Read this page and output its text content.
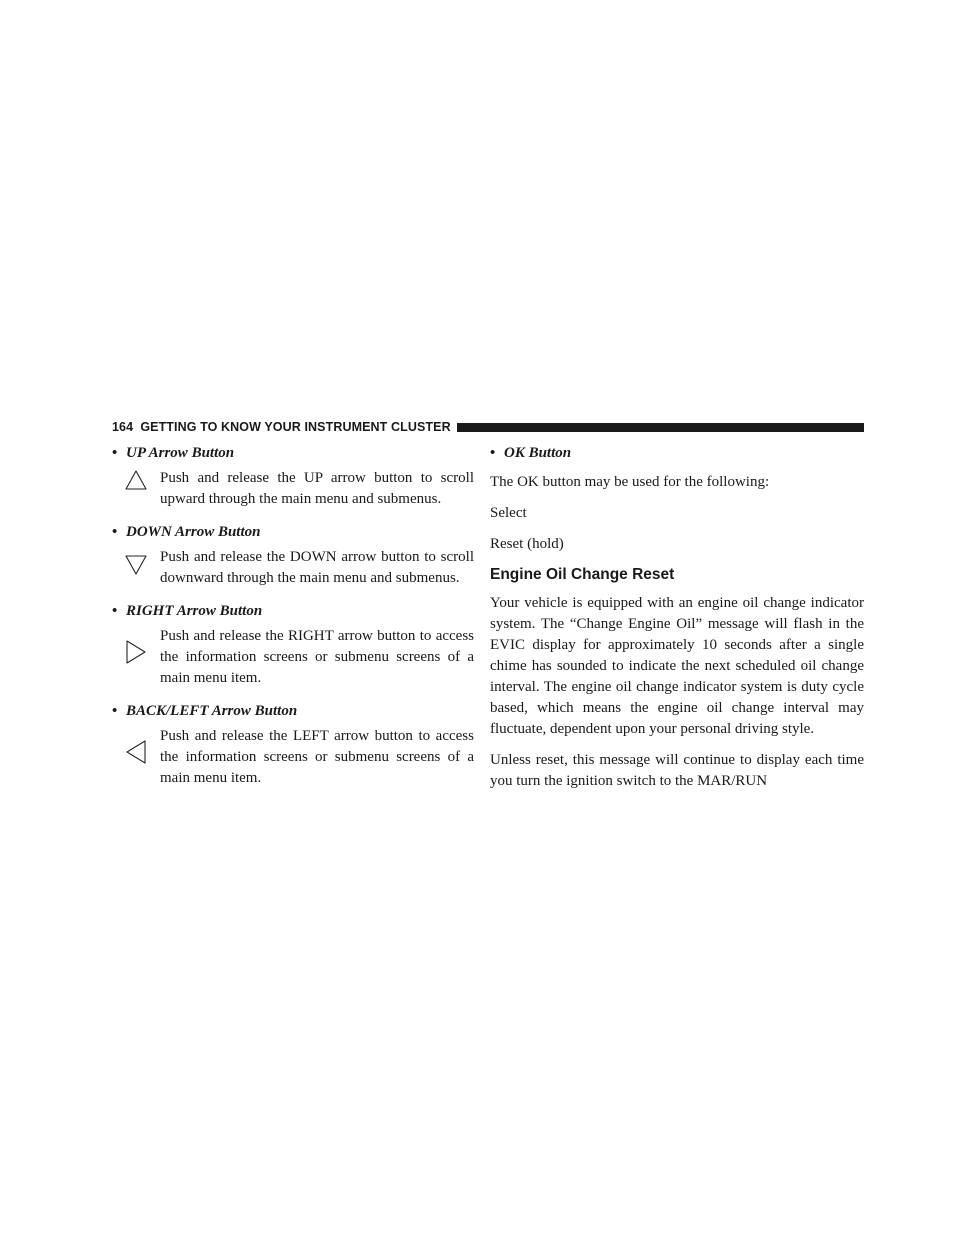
164 GETTING TO KNOW YOUR INSTRUMENT CLUSTER
• UP Arrow Button
Push and release the UP arrow button to scroll upward through the main menu and submenus.
• DOWN Arrow Button
Push and release the DOWN arrow button to scroll downward through the main menu and submenus.
• RIGHT Arrow Button
Push and release the RIGHT arrow button to access the information screens or submenu screens of a main menu item.
• BACK/LEFT Arrow Button
Push and release the LEFT arrow button to access the information screens or submenu screens of a main menu item.
• OK Button

The OK button may be used for the following:

Select

Reset (hold)

Engine Oil Change Reset

Your vehicle is equipped with an engine oil change indicator system. The “Change Engine Oil” message will flash in the EVIC display for approximately 10 seconds after a single chime has sounded to indicate the next scheduled oil change interval. The engine oil change indicator system is duty cycle based, which means the engine oil change interval may fluctuate, dependent upon your personal driving style.

Unless reset, this message will continue to display each time you turn the ignition switch to the MAR/RUN
